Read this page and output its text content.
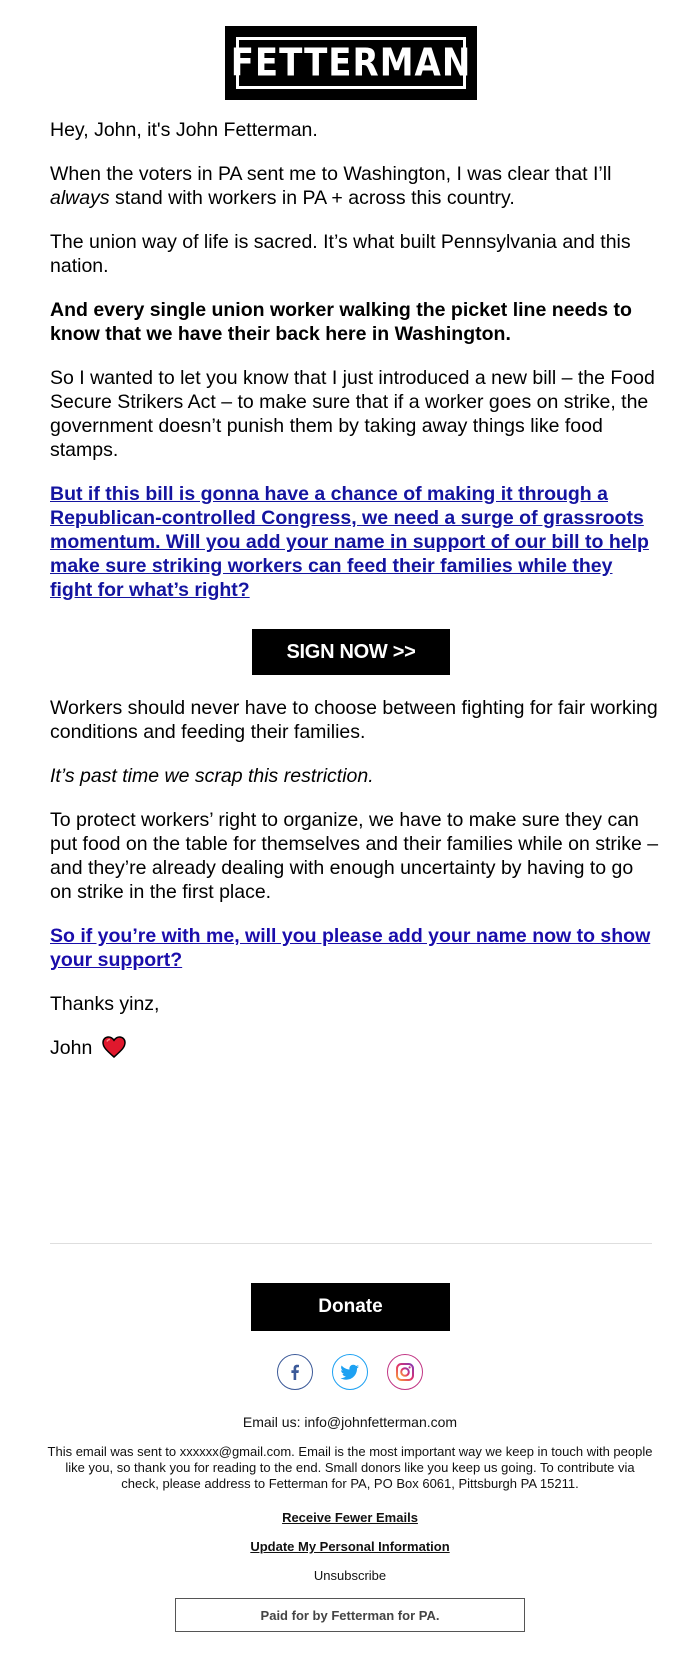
FETTERMAN

Hey, John, it's John Fetterman.

When the voters in PA sent me to Washington, I was clear that I’ll always stand with workers in PA + across this country.

The union way of life is sacred. It’s what built Pennsylvania and this nation.

And every single union worker walking the picket line needs to know that we have their back here in Washington.

So I wanted to let you know that I just introduced a new bill – the Food Secure Strikers Act – to make sure that if a worker goes on strike, the government doesn’t punish them by taking away things like food stamps.

But if this bill is gonna have a chance of making it through a Republican-controlled Congress, we need a surge of grassroots momentum. Will you add your name in support of our bill to help make sure striking workers can feed their families while they fight for what’s right?

SIGN NOW >>

Workers should never have to choose between fighting for fair working conditions and feeding their families.

It’s past time we scrap this restriction.

To protect workers’ right to organize, we have to make sure they can put food on the table for themselves and their families while on strike – and they’re already dealing with enough uncertainty by having to go on strike in the first place.

So if you’re with me, will you please add your name now to show your support?

Thanks yinz,

John

Donate
Email us: info@johnfetterman.com
This email was sent to xxxxxx@gmail.com. Email is the most important way we keep in touch with people like you, so thank you for reading to the end. Small donors like you keep us going. To contribute via check, please address to Fetterman for PA, PO Box 6061, Pittsburgh PA 15211.
Receive Fewer Emails
Update My Personal Information
Unsubscribe
Paid for by Fetterman for PA.
